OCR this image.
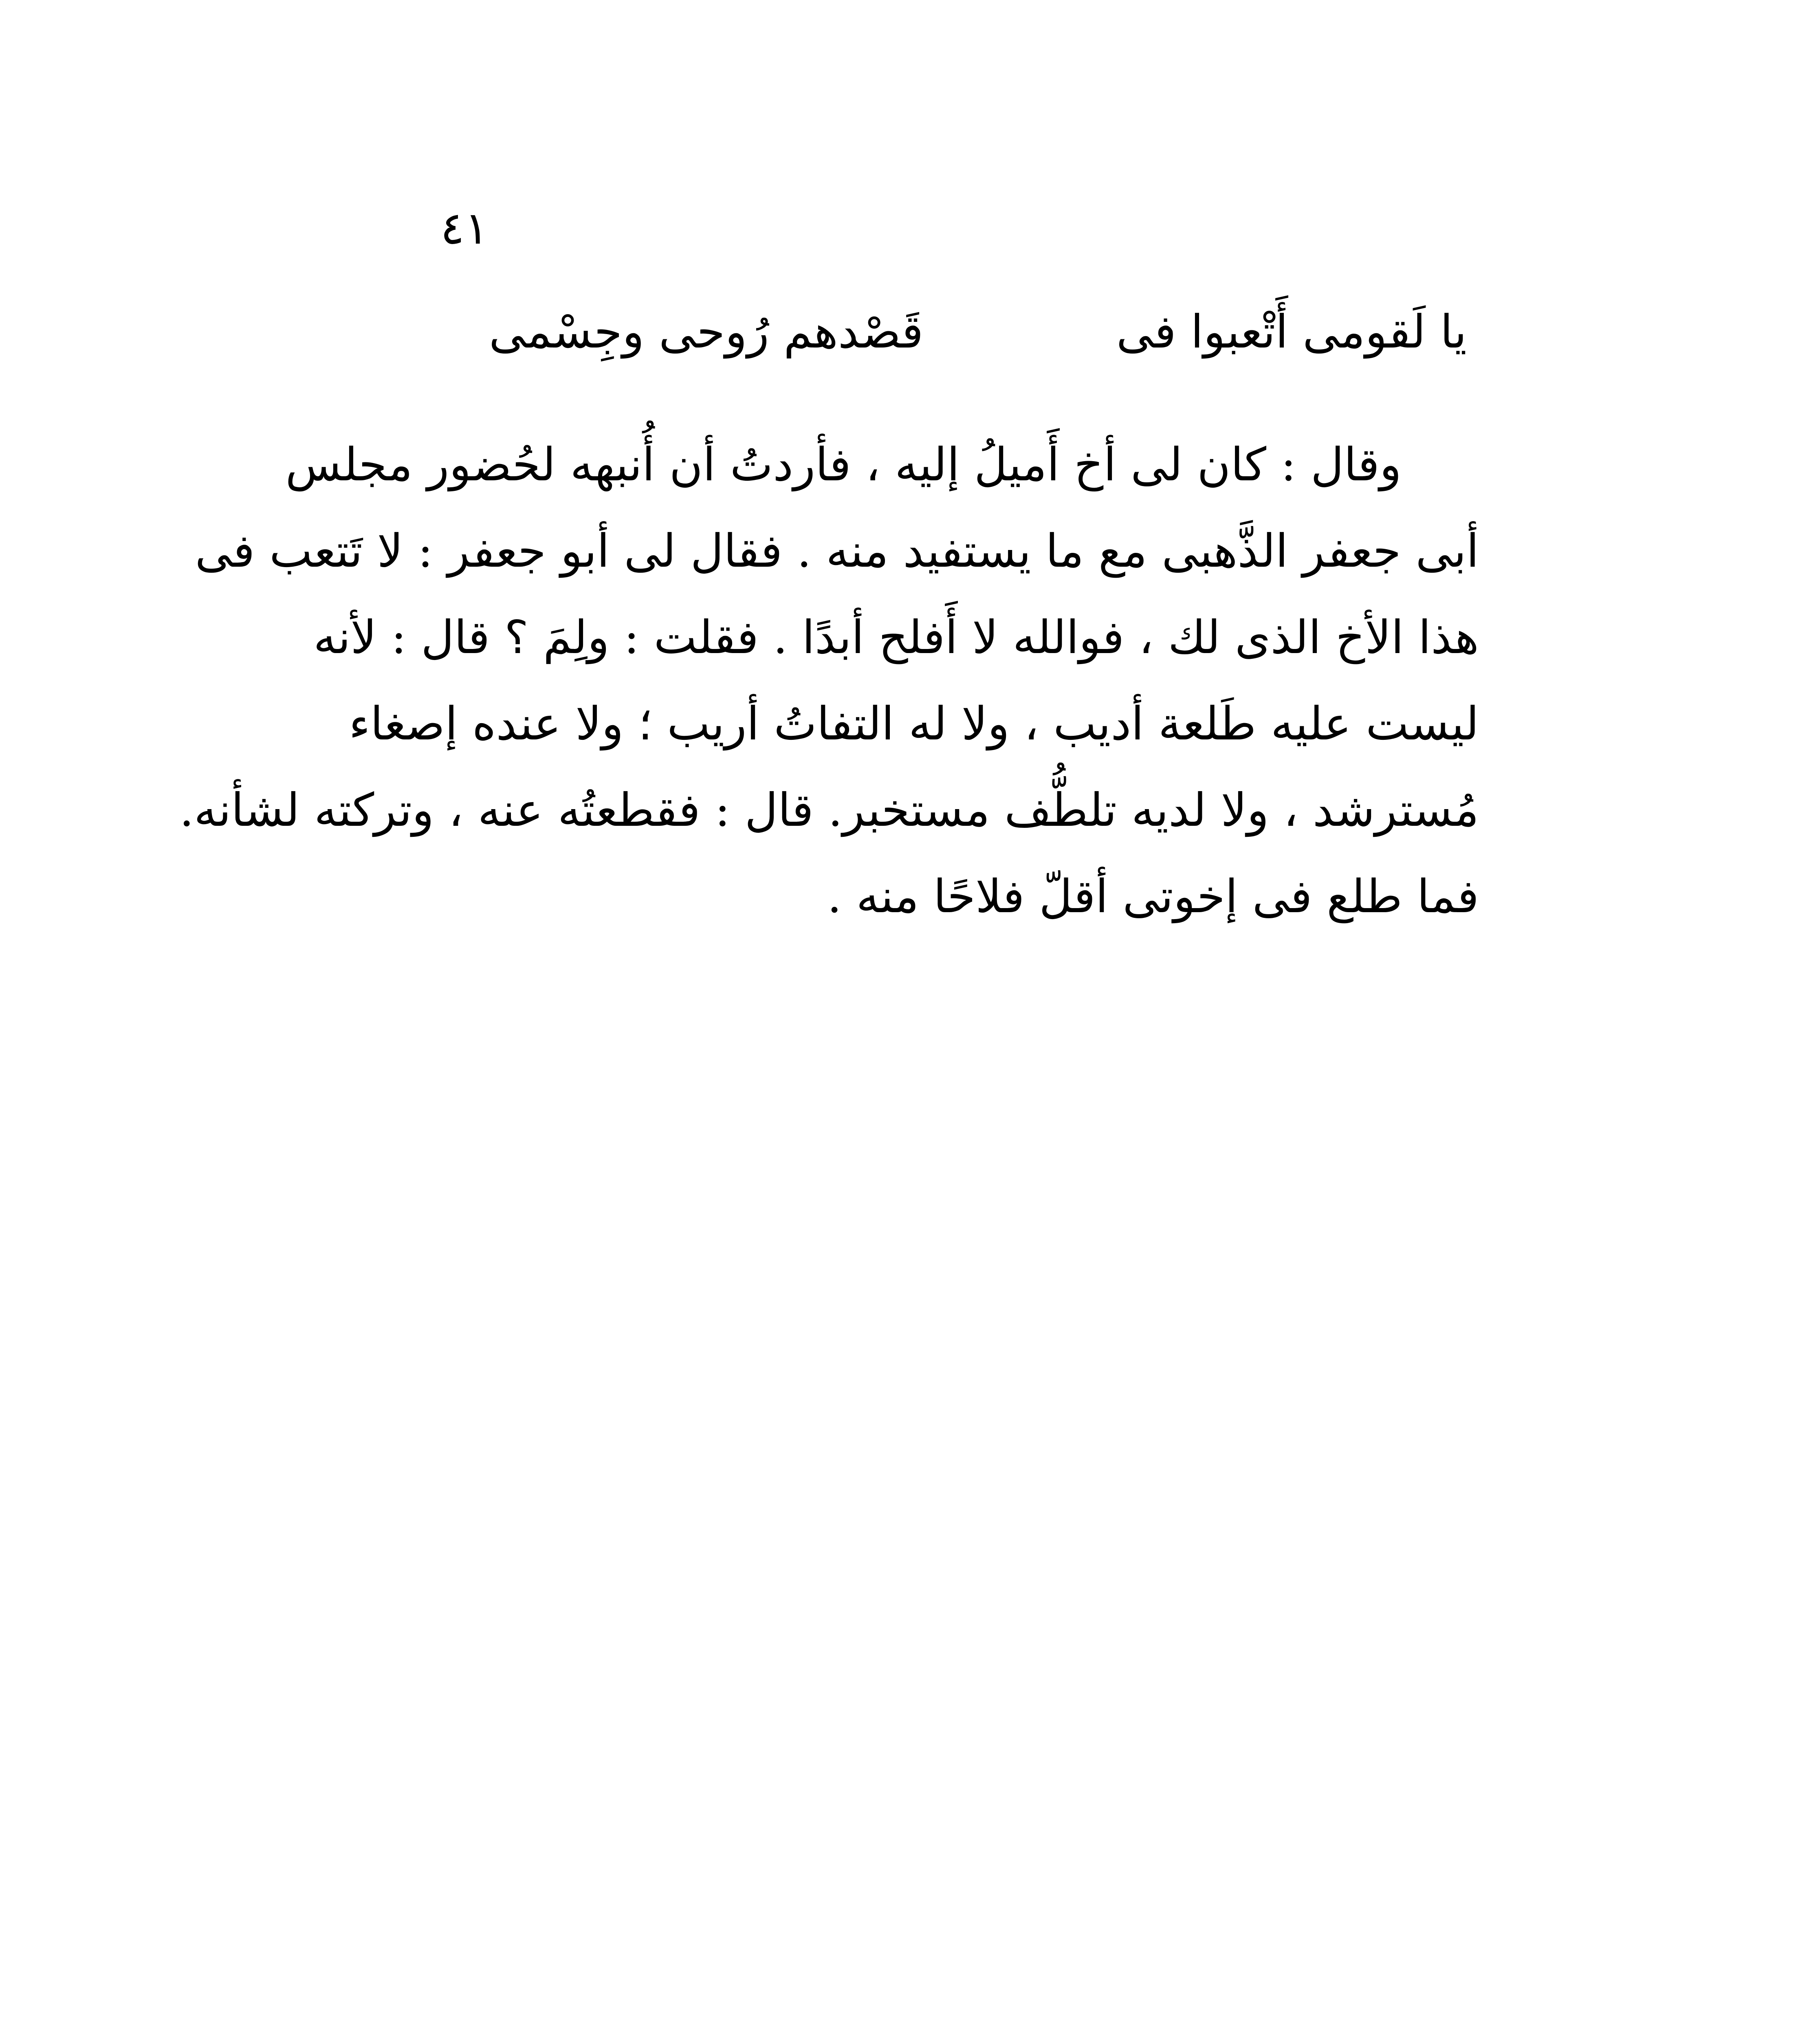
٤١
يا لَقومى أَتْعبوا فى
قَصْدهم رُوحى وجِسْمى
وقال : كان لى أخ أَميلُ إليه ، فأردتُ أن أُنبهه لحُضور مجلس
أبى جعفر الذَّهبى مع ما يستفيد منه . فقال لى أبو جعفر : لا تَتعب فى
هذا الأخ الذى لك ، فوالله لا أَفلح أبدًا . فقلت : ولِمَ ؟ قال : لأنه
ليست عليه طَلعة أديب ، ولا له التفاتُ أريب ؛ ولا عنده إصغاء
مُسترشد ، ولا لديه تلطُّف مستخبر. قال : فقطعتُه عنه ، وتركته لشأنه.
فما طلع فى إخوتى أقلّ فلاحًا منه .
